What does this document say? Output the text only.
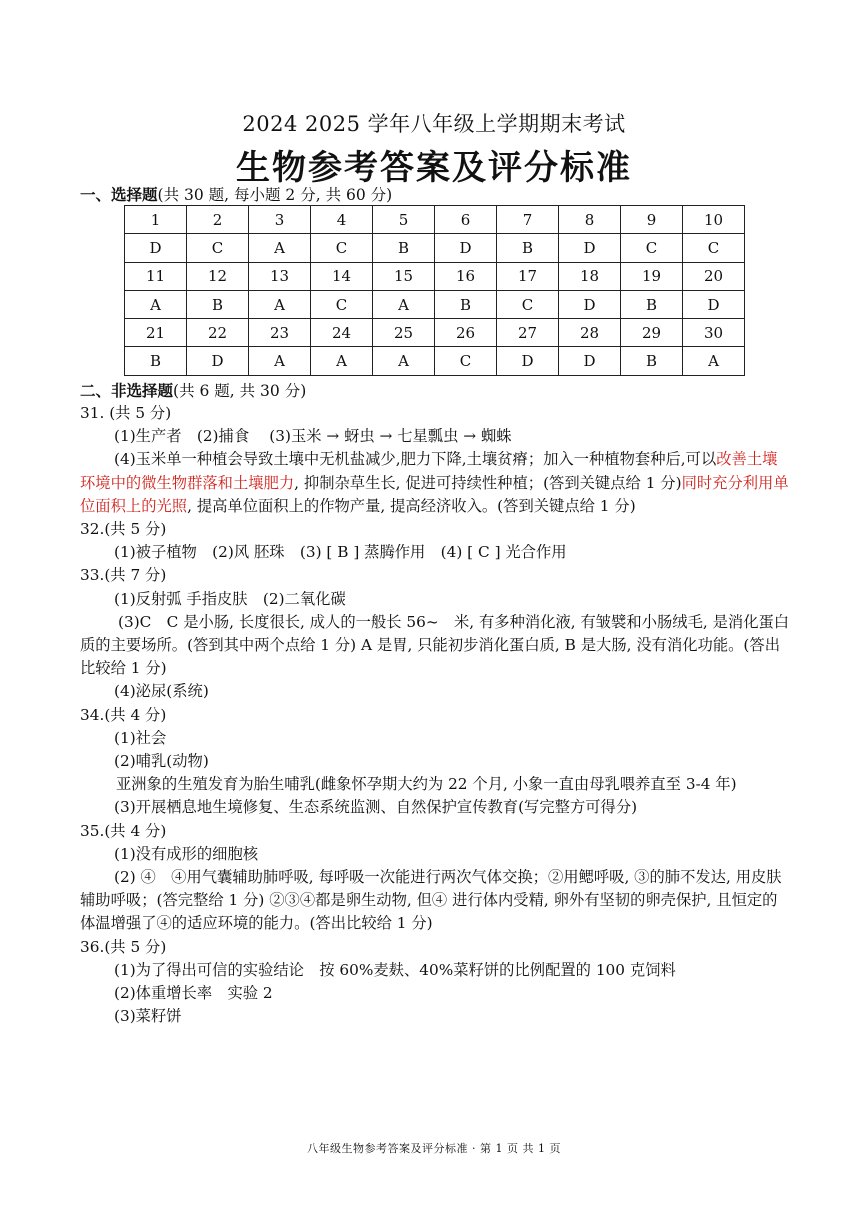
2024 2025 学年八年级上学期期末考试
生物参考答案及评分标准
一、选择题(共 30 题, 每小题 2 分, 共 60 分)
1	2	3	4	5	6	7	8	9	10
D	C	A	C	B	D	B	D	C	C
11	12	13	14	15	16	17	18	19	20
A	B	A	C	A	B	C	D	B	D
21	22	23	24	25	26	27	28	29	30
B	D	A	A	A	C	D	D	B	A
二、非选择题(共 6 题, 共 30 分)
31. (共 5 分)
(1)生产者　(2)捕食　 (3)玉米 → 蚜虫 → 七星瓢虫 → 蜘蛛
(4)玉米单一种植会导致土壤中无机盐减少,肥力下降,土壤贫瘠；加入一种植物套种后,可以改善土壤环境中的微生物群落和土壤肥力, 抑制杂草生长, 促进可持续性种植；(答到关键点给 1 分)同时充分利用单位面积上的光照, 提高单位面积上的作物产量, 提高经济收入。(答到关键点给 1 分)
32.(共 5 分)
(1)被子植物　(2)风 胚珠　(3) [ B ] 蒸腾作用　(4) [ C ] 光合作用
33.(共 7 分)
(1)反射弧 手指皮肤　(2)二氧化碳
(3)C　C 是小肠, 长度很长, 成人的一般长 56~　米, 有多种消化液, 有皱襞和小肠绒毛, 是消化蛋白质的主要场所。(答到其中两个点给 1 分) A 是胃, 只能初步消化蛋白质, B 是大肠, 没有消化功能。(答出比较给 1 分)
(4)泌尿(系统)
34.(共 4 分)
(1)社会
(2)哺乳(动物)
亚洲象的生殖发育为胎生哺乳(雌象怀孕期大约为 22 个月, 小象一直由母乳喂养直至 3-4 年)
(3)开展栖息地生境修复、生态系统监测、自然保护宣传教育(写完整方可得分)
35.(共 4 分)
(1)没有成形的细胞核
(2) ④　④用气囊辅助肺呼吸, 每呼吸一次能进行两次气体交换；②用鳃呼吸, ③的肺不发达, 用皮肤辅助呼吸；(答完整给 1 分) ②③④都是卵生动物, 但④ 进行体内受精, 卵外有坚韧的卵壳保护, 且恒定的体温增强了④的适应环境的能力。(答出比较给 1 分)
36.(共 5 分)
(1)为了得出可信的实验结论　按 60%麦麸、40%菜籽饼的比例配置的 100 克饲料
(2)体重增长率　实验 2
(3)菜籽饼
八年级生物参考答案及评分标准 · 第 1 页 共 1 页
